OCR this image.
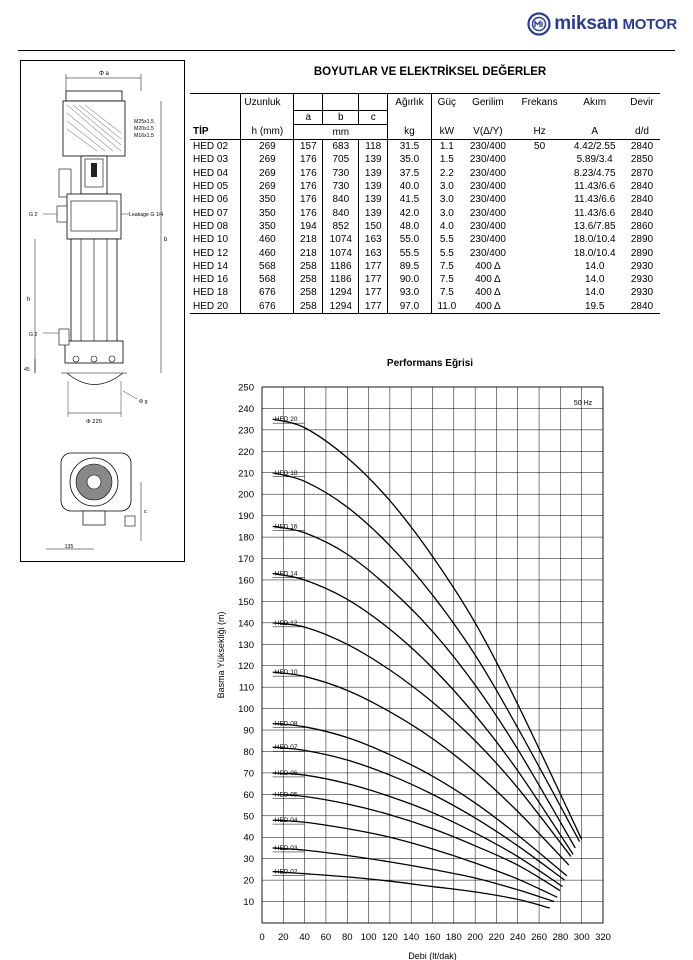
miksan MOTOR
Φ a
M25x1,5
M20x1,5
M16x1,5
G 2	Leakage G 1/4
G 2
b
h
45
Φ g
Φ 225
c
135
BOYUTLAR VE ELEKTRİKSEL DEĞERLER
	Uzunluk				Ağırlık	Güç	Gerilim	Frekans	Akım	Devir
		a	b	c						
TİP	h (mm)		mm		kg	kW	V(Δ/Y)	Hz	A	d/d
HED 02	269	157	683	118	31.5	1.1	230/400	50	4.42/2.55	2840
HED 03	269	176	705	139	35.0	1.5	230/400		5.89/3.4	2850
HED 04	269	176	730	139	37.5	2.2	230/400		8.23/4.75	2870
HED 05	269	176	730	139	40.0	3.0	230/400		11.43/6.6	2840
HED 06	350	176	840	139	41.5	3.0	230/400		11.43/6.6	2840
HED 07	350	176	840	139	42.0	3.0	230/400		11.43/6.6	2840
HED 08	350	194	852	150	48.0	4.0	230/400		13.6/7.85	2860
HED 10	460	218	1074	163	55.0	5.5	230/400		18.0/10.4	2890
HED 12	460	218	1074	163	55.5	5.5	230/400		18.0/10.4	2890
HED 14	568	258	1186	177	89.5	7.5	400 Δ		14.0	2930
HED 16	568	258	1186	177	90.0	7.5	400 Δ		14.0	2930
HED 18	676	258	1294	177	93.0	7.5	400 Δ		14.0	2930
HED 20	676	258	1294	177	97.0	11.0	400 Δ		19.5	2840
Performans Eğrisi
0 20 40 60 80 100 120 140 160 180 200 220 240 260 280 300 320
10
20
30
40
50
60
70
80
90
100
110
120
130
140
150
160
170
180
190
200
210
220
230
240
250
Debi (lt/dak)
Basma Yüksekliği (m)
50 Hz
HED 02
HED 03
HED 04
HED 05
HED 06
HED 07
HED 08
HED 10
HED 12
HED 14
HED 16
HED 18
HED 20
